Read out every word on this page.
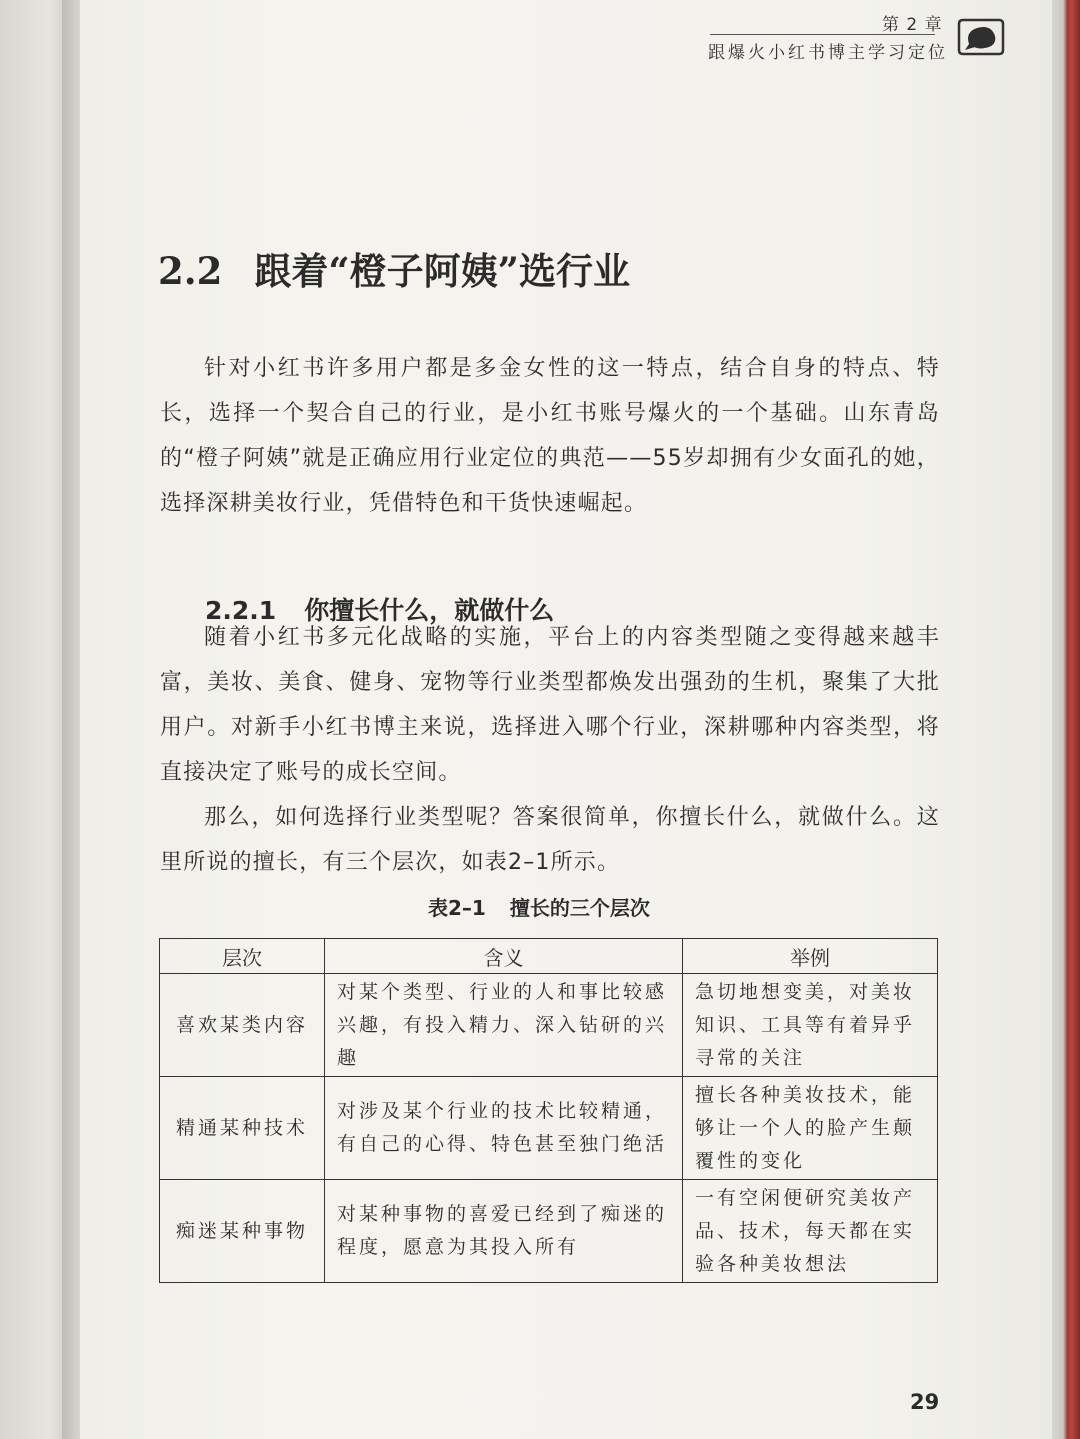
第 2 章
跟爆火小红书博主学习定位
2.2 跟着“橙子阿姨”选行业

针对小红书许多用户都是多金女性的这一特点，结合自身的特点、特长，选择一个契合自己的行业，是小红书账号爆火的一个基础。山东青岛的“橙子阿姨”就是正确应用行业定位的典范——55岁却拥有少女面孔的她，选择深耕美妆行业，凭借特色和干货快速崛起。

2.2.1 你擅长什么，就做什么

随着小红书多元化战略的实施，平台上的内容类型随之变得越来越丰富，美妆、美食、健身、宠物等行业类型都焕发出强劲的生机，聚集了大批用户。对新手小红书博主来说，选择进入哪个行业，深耕哪种内容类型，将直接决定了账号的成长空间。

那么，如何选择行业类型呢？答案很简单，你擅长什么，就做什么。这里所说的擅长，有三个层次，如表2–1所示。

表2–1 擅长的三个层次
层次	含义	举例
喜欢某类内容	对某个类型、行业的人和事比较感兴趣，有投入精力、深入钻研的兴趣	急切地想变美，对美妆知识、工具等有着异乎寻常的关注
精通某种技术	对涉及某个行业的技术比较精通，有自己的心得、特色甚至独门绝活	擅长各种美妆技术，能够让一个人的脸产生颠覆性的变化
痴迷某种事物	对某种事物的喜爱已经到了痴迷的程度，愿意为其投入所有	一有空闲便研究美妆产品、技术，每天都在实验各种美妆想法
29
